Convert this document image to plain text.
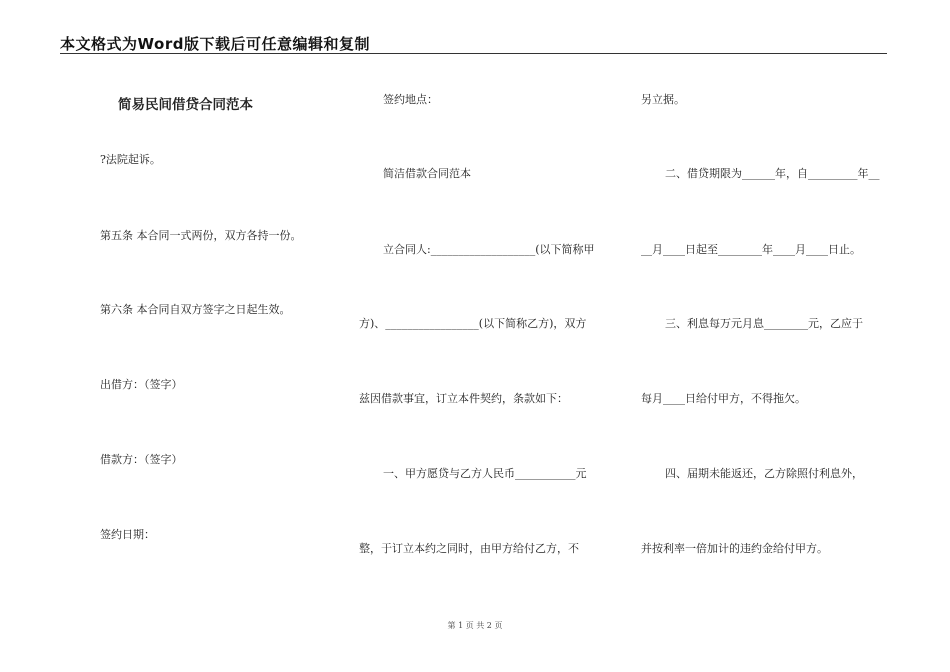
本文格式为Word版下载后可任意编辑和复制
简易民间借贷合同范本
?法院起诉。
第五条 本合同一式两份，双方各持一份。
第六条 本合同自双方签字之日起生效。
出借方：（签字）
借款方：（签字）
签约日期：
签约地点：
简洁借款合同范本
立合同人:___________________(以下简称甲
方)、_________________(以下简称乙方)，双方
兹因借款事宜，订立本件契约，条款如下：
一、甲方愿贷与乙方人民币___________元
整，于订立本约之同时，由甲方给付乙方，不
另立据。
二、借贷期限为______年，自_________年__
__月____日起至________年____月____日止。
三、利息每万元月息________元，乙应于
每月____日给付甲方，不得拖欠。
四、届期未能返还，乙方除照付利息外，
并按利率一倍加计的违约金给付甲方。
第 1 页 共 2 页
